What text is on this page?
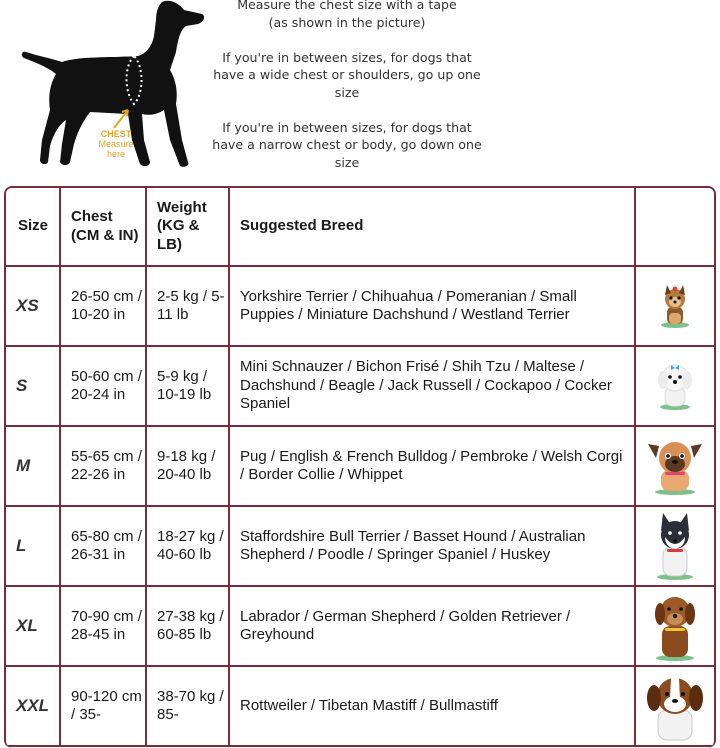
CHEST
Measure
here

Measure the chest size with a tape
(as shown in the picture)

If you're in between sizes, for dogs that have a wide chest or shoulders, go up one size

If you're in between sizes, for dogs that have a narrow chest or body, go down one size

Size	Chest (CM & IN)	Weight (KG & LB)	Suggested Breed	
XS	26-50 cm / 10-20 in	2-5 kg / 5-11 lb	Yorkshire Terrier / Chihuahua / Pomeranian / Small Puppies / Miniature Dachshund / Westland Terrier	

S	50-60 cm / 20-24 in	5-9 kg / 10-19 lb	Mini Schnauzer / Bichon Frisé / Shih Tzu / Maltese / Dachshund / Beagle / Jack Russell / Cockapoo / Cocker Spaniel	

M	55-65 cm / 22-26 in	9-18 kg / 20-40 lb	Pug / English & French Bulldog / Pembroke / Welsh Corgi / Border Collie / Whippet	

L	65-80 cm / 26-31 in	18-27 kg / 40-60 lb	Staffordshire Bull Terrier / Basset Hound / Australian Shepherd / Poodle / Springer Spaniel / Huskey	

XL	70-90 cm / 28-45 in	27-38 kg / 60-85 lb	Labrador / German Shepherd / Golden Retriever / Greyhound	

XXL	90-120 cm / 35-	38-70 kg / 85-	Rottweiler / Tibetan Mastiff / Bullmastiff	
